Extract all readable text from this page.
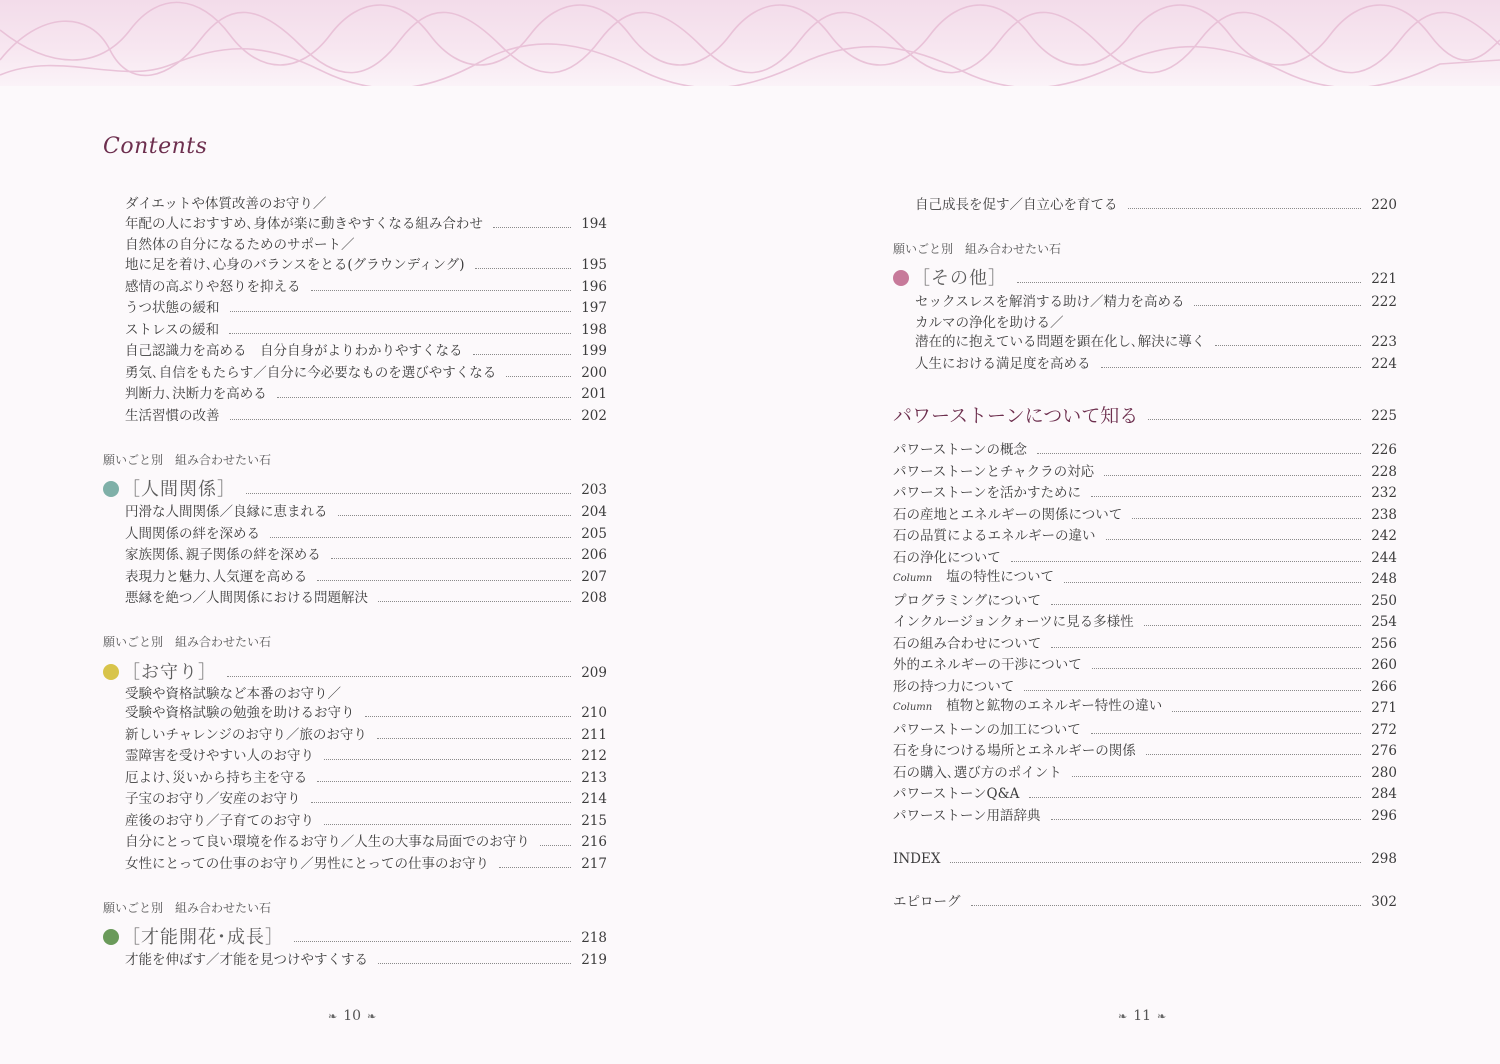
Contents
ダイエットや体質改善のお守り／
年配の人におすすめ､身体が楽に動きやすくなる組み合わせ	194
自然体の自分になるためのサポート／
地に足を着け､心身のバランスをとる(グラウンディング)	195
感情の高ぶりや怒りを抑える	196
うつ状態の緩和	197
ストレスの緩和	198
自己認識力を高める　自分自身がよりわかりやすくなる	199
勇気､自信をもたらす／自分に今必要なものを選びやすくなる	200
判断力､決断力を高める	201
生活習慣の改善	202
願いごと別　組み合わせたい石
［人間関係］	203
円滑な人間関係／良縁に恵まれる	204
人間関係の絆を深める	205
家族関係､親子関係の絆を深める	206
表現力と魅力､人気運を高める	207
悪縁を絶つ／人間関係における問題解決	208
願いごと別　組み合わせたい石
［お守り］	209
受験や資格試験など本番のお守り／
受験や資格試験の勉強を助けるお守り	210
新しいチャレンジのお守り／旅のお守り	211
霊障害を受けやすい人のお守り	212
厄よけ､災いから持ち主を守る	213
子宝のお守り／安産のお守り	214
産後のお守り／子育てのお守り	215
自分にとって良い環境を作るお守り／人生の大事な局面でのお守り	216
女性にとっての仕事のお守り／男性にとっての仕事のお守り	217
願いごと別　組み合わせたい石
［才能開花･成長］	218
才能を伸ばす／才能を見つけやすくする	219
❧ 10 ❧
自己成長を促す／自立心を育てる	220
願いごと別　組み合わせたい石
［その他］	221
セックスレスを解消する助け／精力を高める	222
カルマの浄化を助ける／
潜在的に抱えている問題を顕在化し､解決に導く	223
人生における満足度を高める	224
パワーストーンについて知る	225
パワーストーンの概念	226
パワーストーンとチャクラの対応	228
パワーストーンを活かすために	232
石の産地とエネルギーの関係について	238
石の品質によるエネルギーの違い	242
石の浄化について	244
Column 塩の特性について	248
プログラミングについて	250
インクルージョンクォーツに見る多様性	254
石の組み合わせについて	256
外的エネルギーの干渉について	260
形の持つ力について	266
Column 植物と鉱物のエネルギー特性の違い	271
パワーストーンの加工について	272
石を身につける場所とエネルギーの関係	276
石の購入､選び方のポイント	280
パワーストーンQ&A	284
パワーストーン用語辞典	296
INDEX	298
エピローグ	302
❧ 11 ❧
